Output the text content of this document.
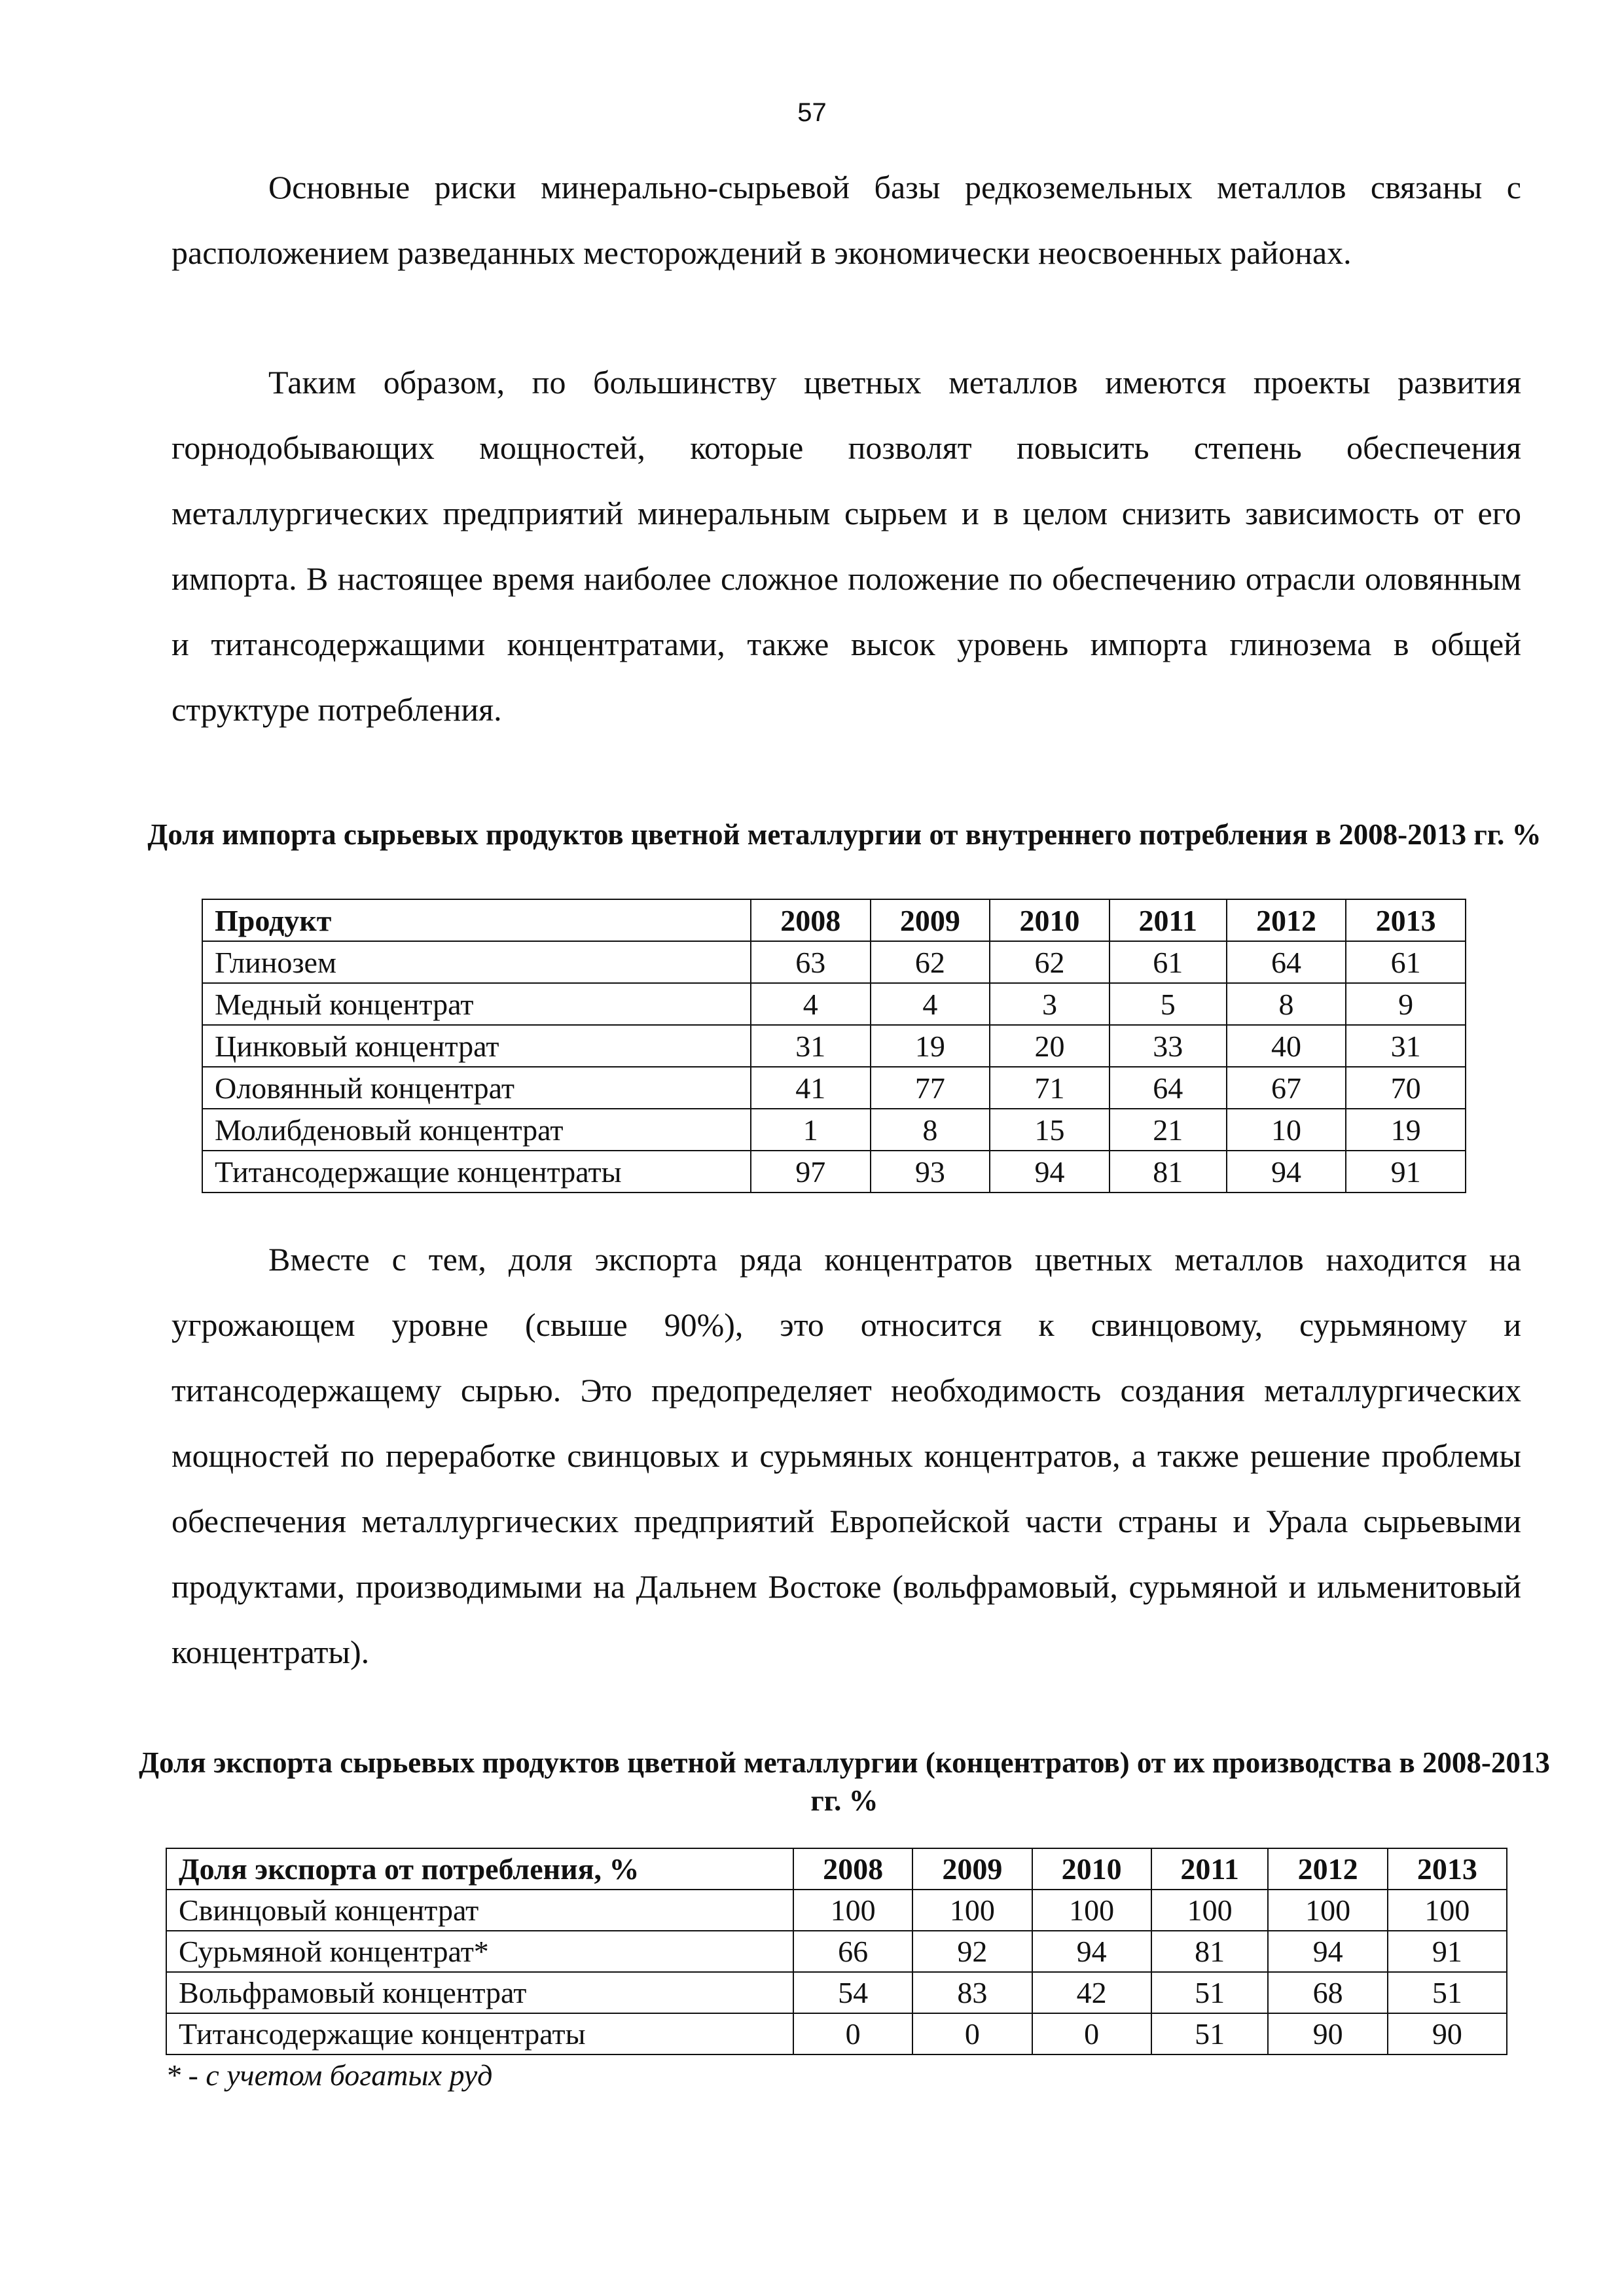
57

Основные риски минерально-сырьевой базы редкоземельных металлов связаны с расположением разведанных месторождений в экономически неосвоенных районах.

Таким образом, по большинству цветных металлов имеются проекты развития горнодобывающих мощностей, которые позволят повысить степень обеспечения металлургических предприятий минеральным сырьем и в целом снизить зависимость от его импорта. В настоящее время наиболее сложное положение по обеспечению отрасли оловянным и титансодержащими концентратами, также высок уровень импорта глинозема в общей структуре потребления.

Доля импорта сырьевых продуктов цветной металлургии от внутреннего потребления в 2008-2013 гг. %

Продукт	2008	2009	2010	2011	2012	2013
Глинозем	63	62	62	61	64	61
Медный концентрат	4	4	3	5	8	9
Цинковый концентрат	31	19	20	33	40	31
Оловянный концентрат	41	77	71	64	67	70
Молибденовый концентрат	1	8	15	21	10	19
Титансодержащие концентраты	97	93	94	81	94	91

Вместе с тем, доля экспорта ряда концентратов цветных металлов находится на угрожающем уровне (свыше 90%), это относится к свинцовому, сурьмяному и титансодержащему сырью. Это предопределяет необходимость создания металлургических мощностей по переработке свинцовых и сурьмяных концентратов, а также решение проблемы обеспечения металлургических предприятий Европейской части страны и Урала сырьевыми продуктами, производимыми на Дальнем Востоке (вольфрамовый, сурьмяной и ильменитовый концентраты).

Доля экспорта сырьевых продуктов цветной металлургии (концентратов) от их производства в 2008-2013 гг. %

Доля экспорта от потребления, %	2008	2009	2010	2011	2012	2013
Свинцовый концентрат	100	100	100	100	100	100
Сурьмяной концентрат*	66	92	94	81	94	91
Вольфрамовый концентрат	54	83	42	51	68	51
Титансодержащие концентраты	0	0	0	51	90	90

* - с учетом богатых руд
